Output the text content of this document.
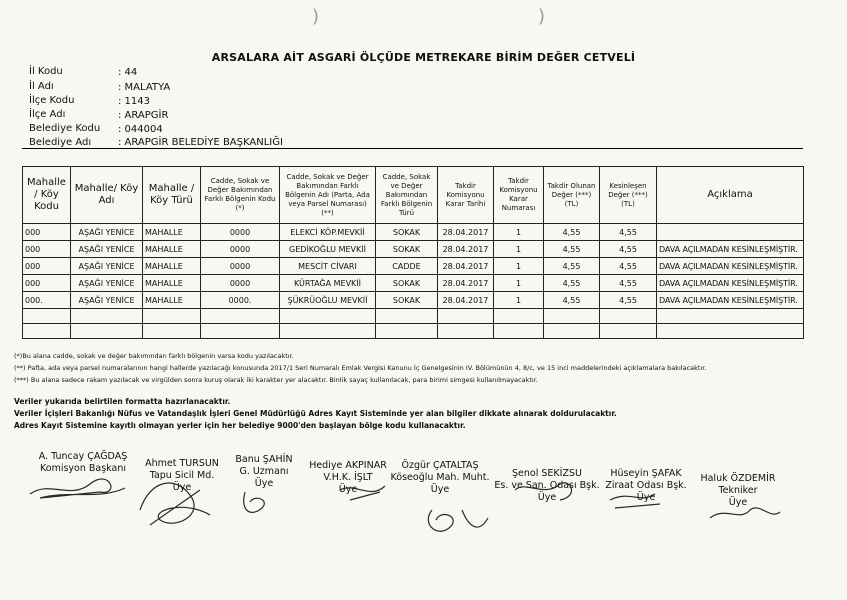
)	)
ARSALARA AİT ASGARİ ÖLÇÜDE METREKARE BİRİM DEĞER CETVELİ
İl Kodu	: 44
İl Adı	: MALATYA
İlçe Kodu	: 1143
İlçe Adı	: ARAPGİR
Belediye Kodu : 044004
Belediye Adı	: ARAPGİR BELEDİYE BAŞKANLIĞI
Mahalle / Köy Kodu	Mahalle/ Köy Adı	Mahalle / Köy Türü	Cadde, Sokak ve Değer Bakımından Farklı Bölgenin Kodu (*)	Cadde, Sokak ve Değer Bakımından Farklı Bölgenin Adı (Parta, Ada veya Parsel Numarası)(**)	Cadde, Sokak ve Değer Bakımından Farklı Bölgenin Türü	Takdir Komisyonu Karar Tarihi	Takdir Komisyonu Karar Numarası	Takdir Olunan Değer (***) (TL)	Kesinleşen Değer (***) (TL)	Açıklama
000	AŞAĞI YENİCE	MAHALLE	0000	ELEKCİ KÖP.MEVKİİ	SOKAK	28.04.2017	1	4,55	4,55	
000	AŞAĞI YENİCE	MAHALLE	0000	GEDİKOĞLU MEVKİİ	SOKAK	28.04.2017	1	4,55	4,55	DAVA AÇILMADAN KESİNLEŞMİŞTİR.
000	AŞAĞI YENİCE	MAHALLE	0000	MESCİT CİVARI	CADDE	28.04.2017	1	4,55	4,55	DAVA AÇILMADAN KESİNLEŞMİŞTİR.
000	AŞAĞI YENİCE	MAHALLE	0000	KÜRTAĞA MEVKİİ	SOKAK	28.04.2017	1	4,55	4,55	DAVA AÇILMADAN KESİNLEŞMİŞTİR.
000.	AŞAĞI YENİCE	MAHALLE	0000.	ŞÜKRÜOĞLU MEVKİİ	SOKAK	28.04.2017	1	4,55	4,55	DAVA AÇILMADAN KESİNLEŞMİŞTİR.

(*)Bu alana cadde, sokak ve değer bakımından farklı bölgenin varsa kodu yazılacaktır.
(**) Pafta, ada veya parsel numaralarının hangi hallerde yazılacağı konusunda 2017/1 Seri Numaralı Emlak Vergisi Kanunu İç Genelgesinin IV. Bölümünün 4, 8/c, ve 15 inci maddelerindeki açıklamalara bakılacaktır.
(***) Bu alana sadece rakam yazılacak ve virgülden sonra kuruş olarak iki karakter yer alacaktır. Binlik sayaç kullanılacak, para birimi simgesi kullanılmayacaktır.
Veriler yukarıda belirtilen formatta hazırlanacaktır.
Veriler İçişleri Bakanlığı Nüfus ve Vatandaşlık İşleri Genel Müdürlüğü Adres Kayıt Sisteminde yer alan bilgiler dikkate alınarak doldurulacaktır.
Adres Kayıt Sistemine kayıtlı olmayan yerler için her belediye 9000'den başlayan bölge kodu kullanacaktır.
A. Tuncay ÇAĞDAŞ
Komisyon Başkanı	Ahmet TURSUN
Tapu Sicil Md.
Üye
Banu ŞAHİN
G. Uzmanı
Üye
Hediye AKPINAR
V.H.K. İŞLT
Üye
Özgür ÇATALTAŞ
Köseoğlu Mah. Muht.
Üye
Şenol SEKİZSU
Es. ve San. Odası Bşk.
Üye
Hüseyin ŞAFAK
Ziraat Odası Bşk.
Üye
Haluk ÖZDEMİR
Tekniker
Üye
